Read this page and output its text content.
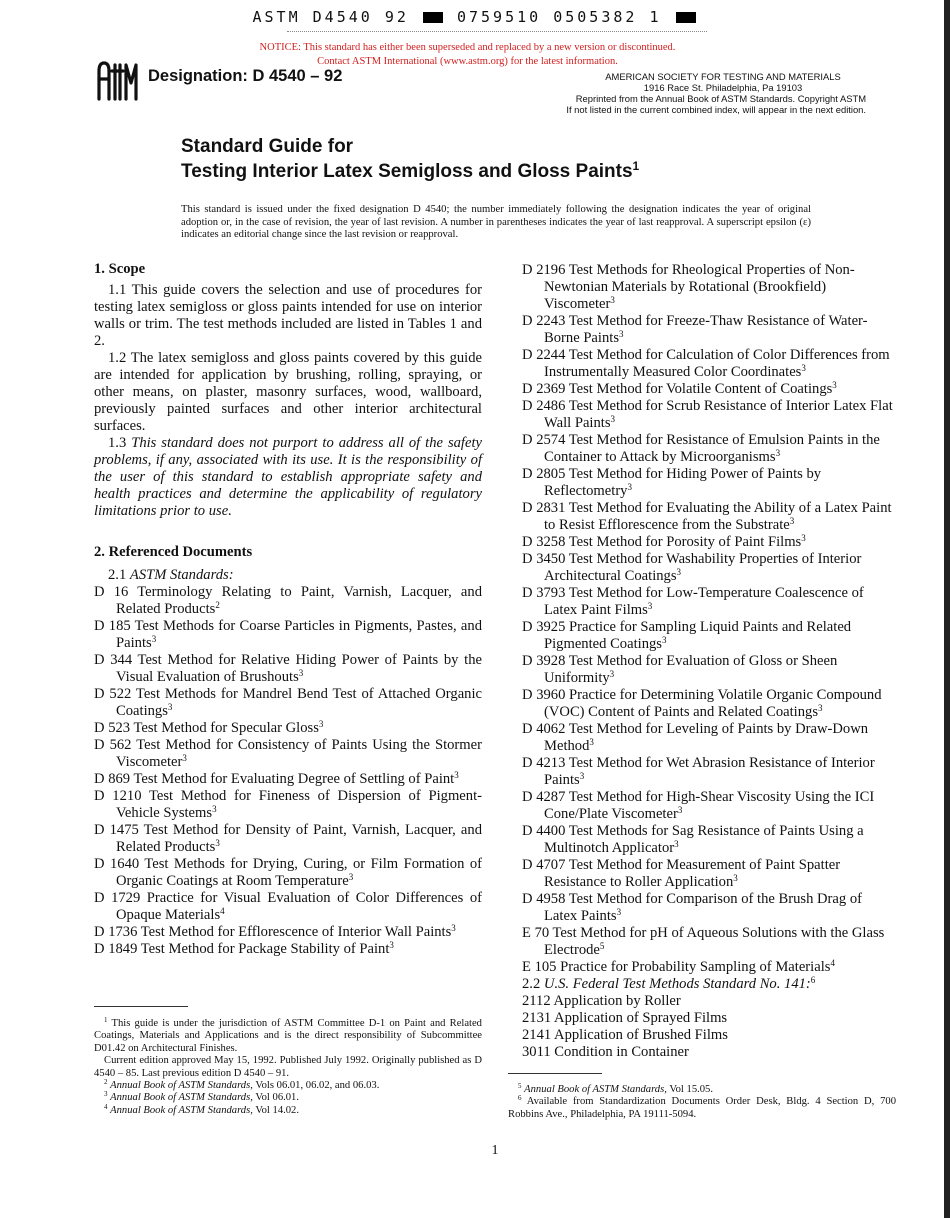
ASTM D4540 92	0759510 0505382 1
NOTICE: This standard has either been superseded and replaced by a new version or discontinued.
Contact ASTM International (www.astm.org) for the latest information.
Designation: D 4540 – 92	AMERICAN SOCIETY FOR TESTING AND MATERIALS
1916 Race St. Philadelphia, Pa 19103
Reprinted from the Annual Book of ASTM Standards. Copyright ASTM
If not listed in the current combined index, will appear in the next edition.
Standard Guide for
Testing Interior Latex Semigloss and Gloss Paints$^1$
This standard is issued under the fixed designation D 4540; the number immediately following the designation indicates the year of original adoption or, in the case of revision, the year of last revision. A number in parentheses indicates the year of last reapproval. A superscript epsilon (ε) indicates an editorial change since the last revision or reapproval.

1. Scope

1.1 This guide covers the selection and use of procedures for testing latex semigloss or gloss paints intended for use on interior walls or trim. The test methods included are listed in Tables 1 and 2.

1.2 The latex semigloss and gloss paints covered by this guide are intended for application by brushing, rolling, spraying, or other means, on plaster, masonry surfaces, wood, wallboard, previously painted surfaces and other interior architectural surfaces.

1.3 This standard does not purport to address all of the safety problems, if any, associated with its use. It is the responsibility of the user of this standard to establish appropriate safety and health practices and determine the applicability of regulatory limitations prior to use.

2. Referenced Documents

2.1 ASTM Standards:

D 16 Terminology Relating to Paint, Varnish, Lacquer, and Related Products$^2$

D 185 Test Methods for Coarse Particles in Pigments, Pastes, and Paints$^3$

D 344 Test Method for Relative Hiding Power of Paints by the Visual Evaluation of Brushouts$^3$

D 522 Test Methods for Mandrel Bend Test of Attached Organic Coatings$^3$

D 523 Test Method for Specular Gloss$^3$

D 562 Test Method for Consistency of Paints Using the Stormer Viscometer$^3$

D 869 Test Method for Evaluating Degree of Settling of Paint$^3$

D 1210 Test Method for Fineness of Dispersion of Pigment-Vehicle Systems$^3$

D 1475 Test Method for Density of Paint, Varnish, Lacquer, and Related Products$^3$

D 1640 Test Methods for Drying, Curing, or Film Formation of Organic Coatings at Room Temperature$^3$

D 1729 Practice for Visual Evaluation of Color Differences of Opaque Materials$^4$

D 1736 Test Method for Efflorescence of Interior Wall Paints$^3$

D 1849 Test Method for Package Stability of Paint$^3$

D 2196 Test Methods for Rheological Properties of Non-Newtonian Materials by Rotational (Brookfield) Viscometer$^3$

D 2243 Test Method for Freeze-Thaw Resistance of Water-Borne Paints$^3$

D 2244 Test Method for Calculation of Color Differences from Instrumentally Measured Color Coordinates$^3$

D 2369 Test Method for Volatile Content of Coatings$^3$

D 2486 Test Method for Scrub Resistance of Interior Latex Flat Wall Paints$^3$

D 2574 Test Method for Resistance of Emulsion Paints in the Container to Attack by Microorganisms$^3$

D 2805 Test Method for Hiding Power of Paints by Reflectometry$^3$

D 2831 Test Method for Evaluating the Ability of a Latex Paint to Resist Efflorescence from the Substrate$^3$

D 3258 Test Method for Porosity of Paint Films$^3$

D 3450 Test Method for Washability Properties of Interior Architectural Coatings$^3$

D 3793 Test Method for Low-Temperature Coalescence of Latex Paint Films$^3$

D 3925 Practice for Sampling Liquid Paints and Related Pigmented Coatings$^3$

D 3928 Test Method for Evaluation of Gloss or Sheen Uniformity$^3$

D 3960 Practice for Determining Volatile Organic Compound (VOC) Content of Paints and Related Coatings$^3$

D 4062 Test Method for Leveling of Paints by Draw-Down Method$^3$

D 4213 Test Method for Wet Abrasion Resistance of Interior Paints$^3$

D 4287 Test Method for High-Shear Viscosity Using the ICI Cone/Plate Viscometer$^3$

D 4400 Test Methods for Sag Resistance of Paints Using a Multinotch Applicator$^3$

D 4707 Test Method for Measurement of Paint Spatter Resistance to Roller Application$^3$

D 4958 Test Method for Comparison of the Brush Drag of Latex Paints$^3$

E 70 Test Method for pH of Aqueous Solutions with the Glass Electrode$^5$

E 105 Practice for Probability Sampling of Materials$^4$

2.2 U.S. Federal Test Methods Standard No. 141:$^6$

2112 Application by Roller

2131 Application of Sprayed Films

2141 Application of Brushed Films

3011 Condition in Container

$^1$ This guide is under the jurisdiction of ASTM Committee D-1 on Paint and Related Coatings, Materials and Applications and is the direct responsibility of Subcommittee D01.42 on Architectural Finishes.

Current edition approved May 15, 1992. Published July 1992. Originally published as D 4540 – 85. Last previous edition D 4540 – 91.

$^2$ Annual Book of ASTM Standards, Vols 06.01, 06.02, and 06.03.

$^3$ Annual Book of ASTM Standards, Vol 06.01.

$^4$ Annual Book of ASTM Standards, Vol 14.02.

$^5$ Annual Book of ASTM Standards, Vol 15.05.

$^6$ Available from Standardization Documents Order Desk, Bldg. 4 Section D, 700 Robbins Ave., Philadelphia, PA 19111-5094.

1
